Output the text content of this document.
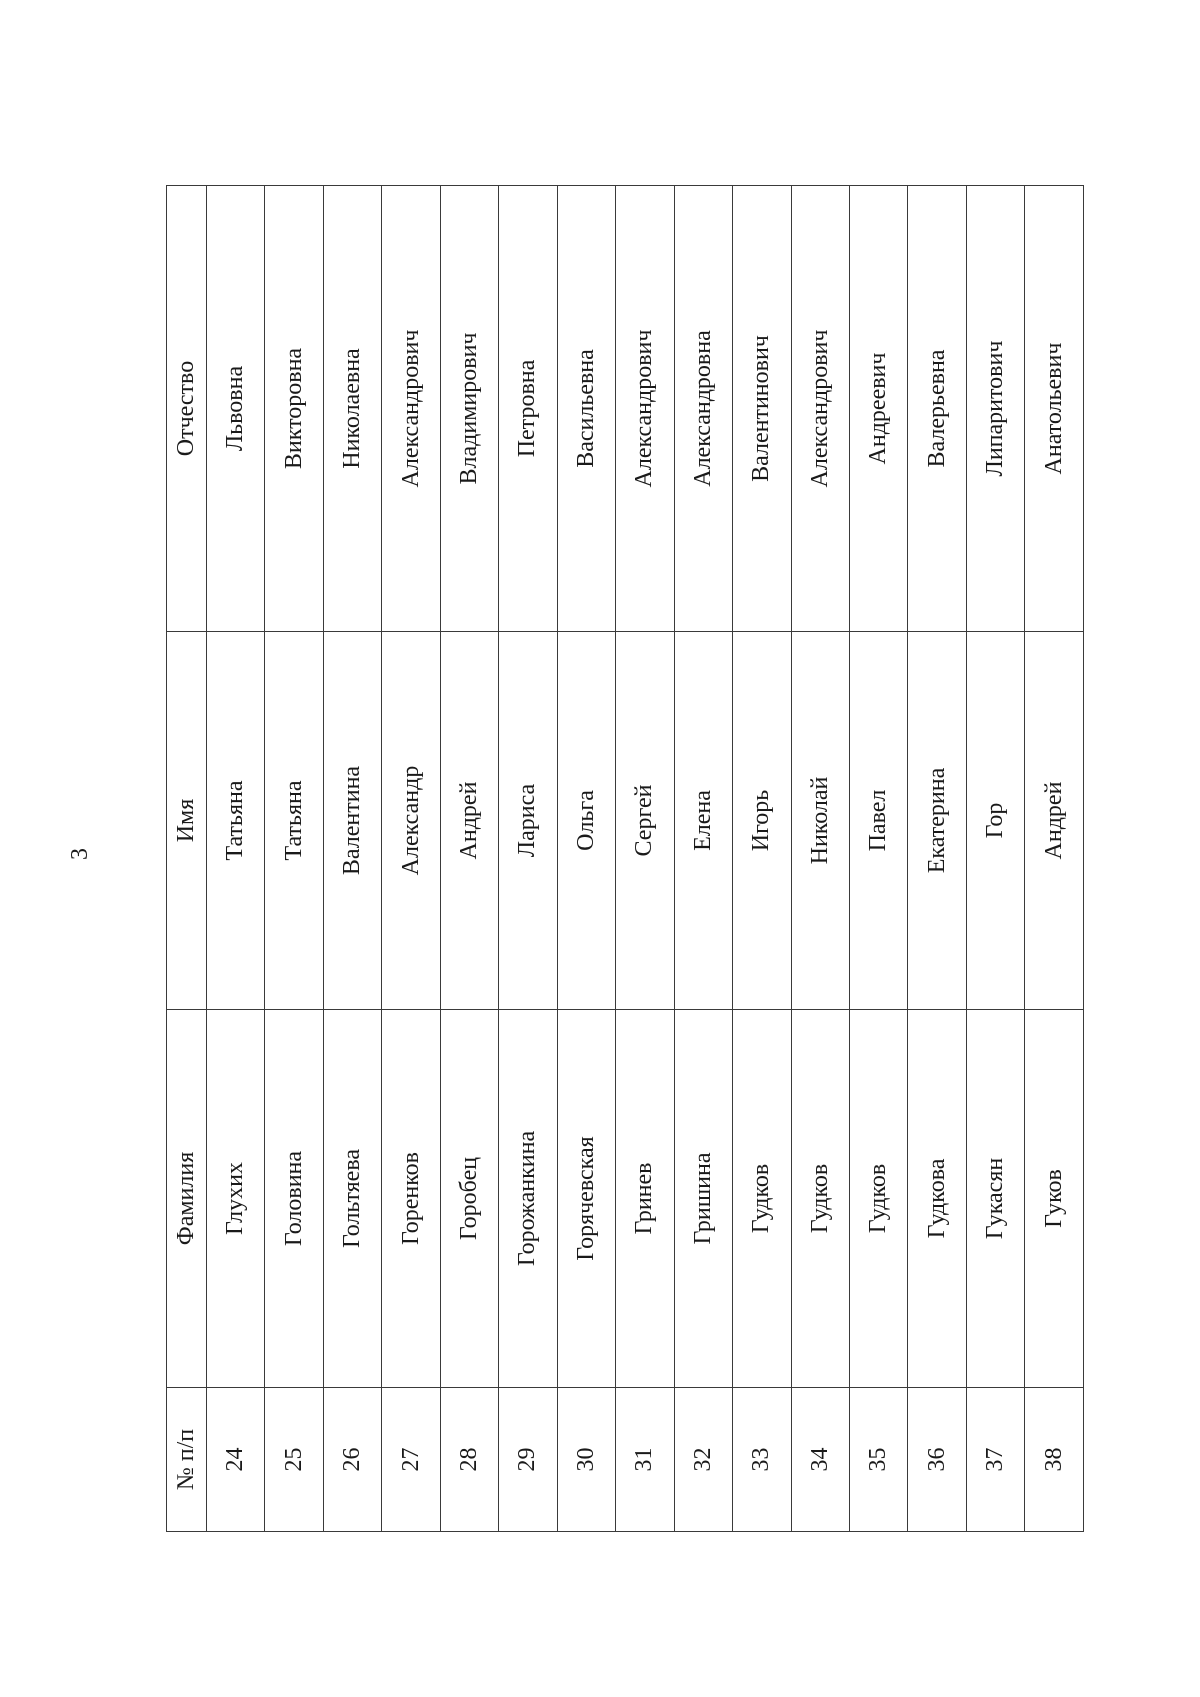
3
№ п/п	Фамилия	Имя	Отчество
24	Глухих	Татьяна	Львовна
25	Головина	Татьяна	Викторовна
26	Гольтяева	Валентина	Николаевна
27	Горенков	Александр	Александрович
28	Горобец	Андрей	Владимирович
29	Горожанкина	Лариса	Петровна
30	Горячевская	Ольга	Васильевна
31	Гринев	Сергей	Александрович
32	Гришина	Елена	Александровна
33	Гудков	Игорь	Валентинович
34	Гудков	Николай	Александрович
35	Гудков	Павел	Андреевич
36	Гудкова	Екатерина	Валерьевна
37	Гукасян	Гор	Липаритович
38	Гуков	Андрей	Анатольевич
